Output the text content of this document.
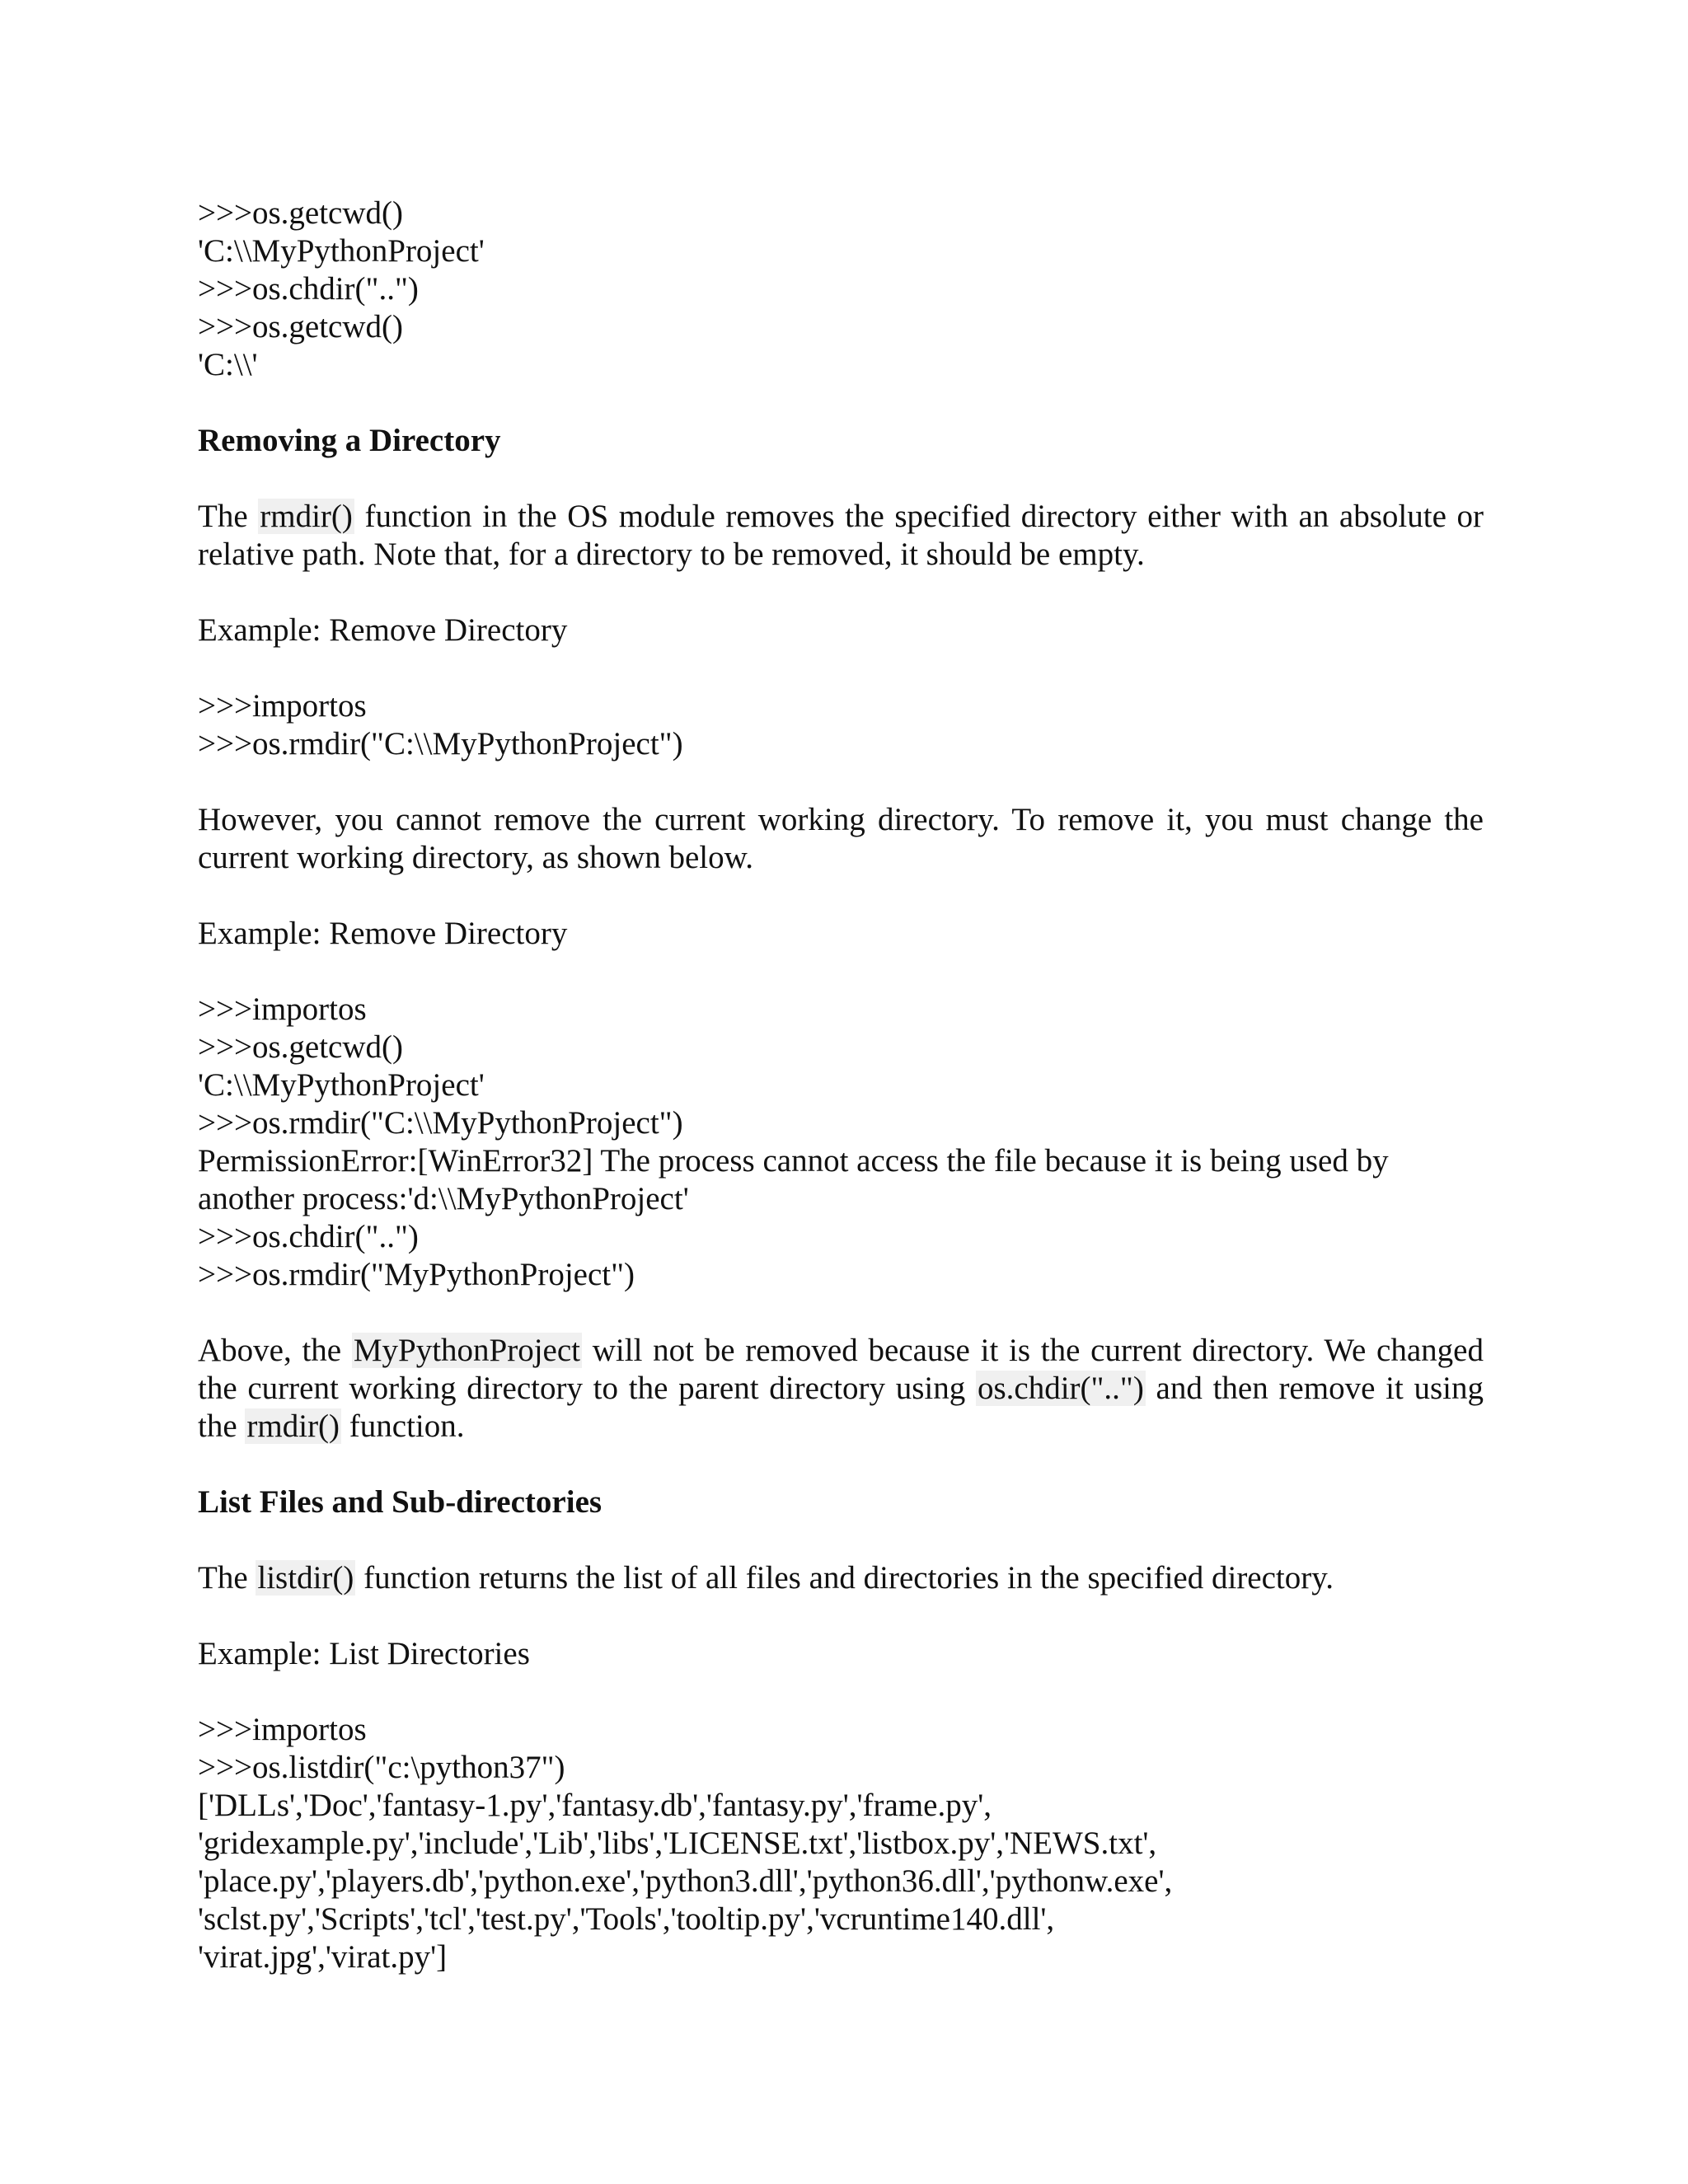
>>>os.getcwd()

'C:\\MyPythonProject'

>>>os.chdir("..")

>>>os.getcwd()

'C:\\'

Removing a Directory

The rmdir() function in the OS module removes the specified directory either with an absolute or relative path. Note that, for a directory to be removed, it should be empty.

Example: Remove Directory

>>>importos

>>>os.rmdir("C:\\MyPythonProject")

However, you cannot remove the current working directory. To remove it, you must change the current working directory, as shown below.

Example: Remove Directory

>>>importos

>>>os.getcwd()

'C:\\MyPythonProject'

>>>os.rmdir("C:\\MyPythonProject")

PermissionError:[WinError32] The process cannot access the file because it is being used by another process:'d:\\MyPythonProject'

>>>os.chdir("..")

>>>os.rmdir("MyPythonProject")

Above, the MyPythonProject will not be removed because it is the current directory. We changed the current working directory to the parent directory using os.chdir("..") and then remove it using the rmdir() function.

List Files and Sub-directories

The listdir() function returns the list of all files and directories in the specified directory.

Example: List Directories

>>>importos

>>>os.listdir("c:\python37")

['DLLs','Doc','fantasy-1.py','fantasy.db','fantasy.py','frame.py',

'gridexample.py','include','Lib','libs','LICENSE.txt','listbox.py','NEWS.txt',

'place.py','players.db','python.exe','python3.dll','python36.dll','pythonw.exe',

'sclst.py','Scripts','tcl','test.py','Tools','tooltip.py','vcruntime140.dll',

'virat.jpg','virat.py']
